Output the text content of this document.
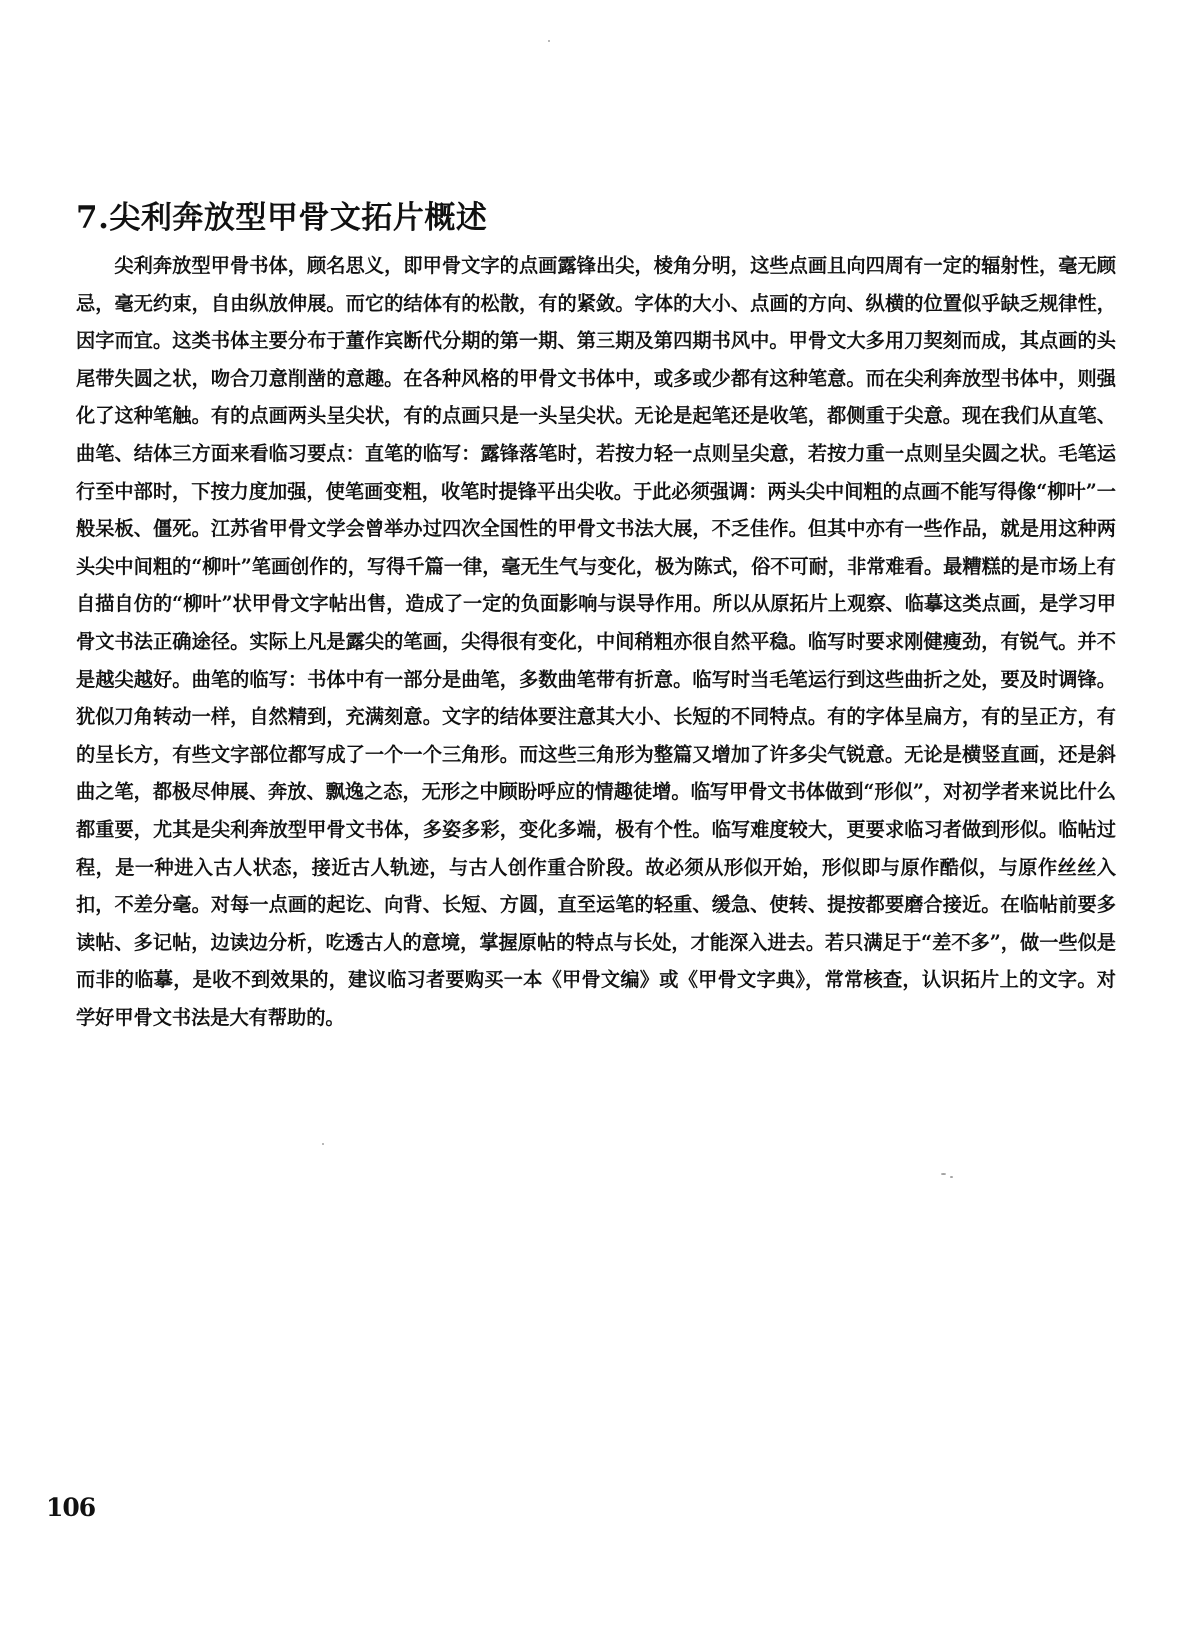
7.尖利奔放型甲骨文拓片概述

尖利奔放型甲骨书体，顾名思义，即甲骨文字的点画露锋出尖，棱角分明，这些点画且向四周有一定的辐射性，毫无顾忌，毫无约束，自由纵放伸展。而它的结体有的松散，有的紧敛。字体的大小、点画的方向、纵横的位置似乎缺乏规律性，因字而宜。这类书体主要分布于董作宾断代分期的第一期、第三期及第四期书风中。甲骨文大多用刀契刻而成，其点画的头尾带失圆之状，吻合刀意削凿的意趣。在各种风格的甲骨文书体中，或多或少都有这种笔意。而在尖利奔放型书体中，则强化了这种笔触。有的点画两头呈尖状，有的点画只是一头呈尖状。无论是起笔还是收笔，都侧重于尖意。现在我们从直笔、曲笔、结体三方面来看临习要点：直笔的临写：露锋落笔时，若按力轻一点则呈尖意，若按力重一点则呈尖圆之状。毛笔运行至中部时，下按力度加强，使笔画变粗，收笔时提锋平出尖收。于此必须强调：两头尖中间粗的点画不能写得像“柳叶”一般呆板、僵死。江苏省甲骨文学会曾举办过四次全国性的甲骨文书法大展，不乏佳作。但其中亦有一些作品，就是用这种两头尖中间粗的“柳叶”笔画创作的，写得千篇一律，毫无生气与变化，极为陈式，俗不可耐，非常难看。最糟糕的是市场上有自描自仿的“柳叶”状甲骨文字帖出售，造成了一定的负面影响与误导作用。所以从原拓片上观察、临摹这类点画，是学习甲骨文书法正确途径。实际上凡是露尖的笔画，尖得很有变化，中间稍粗亦很自然平稳。临写时要求刚健瘦劲，有锐气。并不是越尖越好。曲笔的临写：书体中有一部分是曲笔，多数曲笔带有折意。临写时当毛笔运行到这些曲折之处，要及时调锋。犹似刀角转动一样，自然精到，充满刻意。文字的结体要注意其大小、长短的不同特点。有的字体呈扁方，有的呈正方，有的呈长方，有些文字部位都写成了一个一个三角形。而这些三角形为整篇又增加了许多尖气锐意。无论是横竖直画，还是斜曲之笔，都极尽伸展、奔放、飘逸之态，无形之中顾盼呼应的情趣徒增。临写甲骨文书体做到“形似”，对初学者来说比什么都重要，尤其是尖利奔放型甲骨文书体，多姿多彩，变化多端，极有个性。临写难度较大，更要求临习者做到形似。临帖过程，是一种进入古人状态，接近古人轨迹，与古人创作重合阶段。故必须从形似开始，形似即与原作酷似，与原作丝丝入扣，不差分毫。对每一点画的起讫、向背、长短、方圆，直至运笔的轻重、缓急、使转、提按都要磨合接近。在临帖前要多读帖、多记帖，边读边分析，吃透古人的意境，掌握原帖的特点与长处，才能深入进去。若只满足于“差不多”，做一些似是而非的临摹，是收不到效果的，建议临习者要购买一本《甲骨文编》或《甲骨文字典》，常常核查，认识拓片上的文字。对学好甲骨文书法是大有帮助的。

106
